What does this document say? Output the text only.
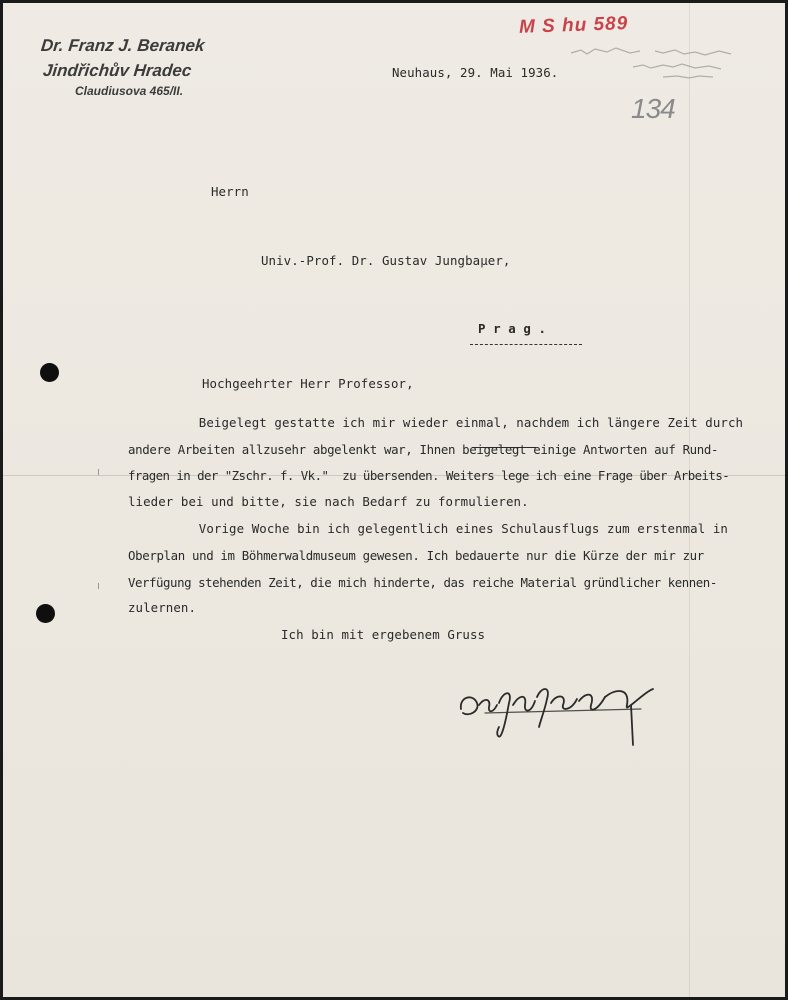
Dr. Franz J. Beranek
Jindřichův Hradec
Claudiusova 465/II.
M S hu 589
134
Neuhaus, 29. Mai 1936.
Herrn
Univ.-Prof. Dr. Gustav Jungbaμer,
P r a g .
Hochgeehrter Herr Professor,
Beigelegt gestatte ich mir wieder einmal, nachdem ich längere Zeit durch
andere Arbeiten allzusehr abgelenkt war, Ihnen beigelegt einige Antworten auf Rund-
fragen in der "Zschr. f. Vk."  zu übersenden. Weiters lege ich eine Frage über Arbeits-
lieder bei und bitte, sie nach Bedarf zu formulieren.
Vorige Woche bin ich gelegentlich eines Schulausflugs zum erstenmal in
Oberplan und im Böhmerwaldmuseum gewesen. Ich bedauerte nur die Kürze der mir zur
Verfügung stehenden Zeit, die mich hinderte, das reiche Material gründlicher kennen-
zulernen.
Ich bin mit ergebenem Gruss
